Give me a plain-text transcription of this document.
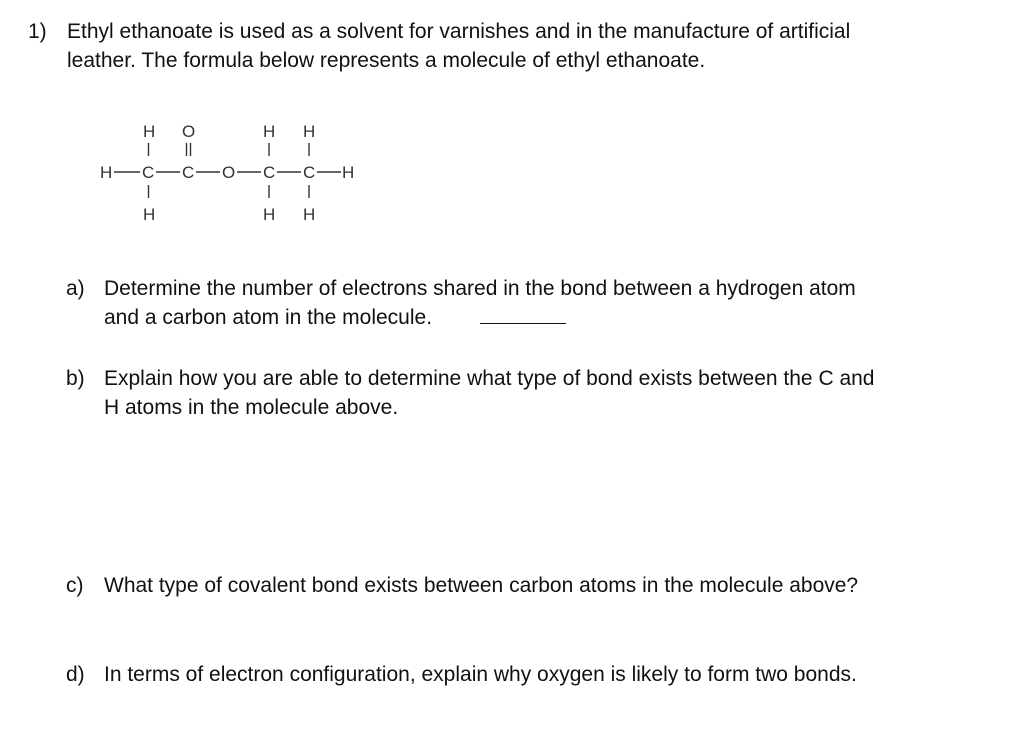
1) Ethyl ethanoate is used as a solvent for varnishes and in the manufacture of artificial
leather. The formula below represents a molecule of ethyl ethanoate.
H C C O C C H
H O	H H
H	H H
a) Determine the number of electrons shared in the bond between a hydrogen atom
and a carbon atom in the molecule.
b) Explain how you are able to determine what type of bond exists between the C and
H atoms in the molecule above.
c) What type of covalent bond exists between carbon atoms in the molecule above?
d) In terms of electron configuration, explain why oxygen is likely to form two bonds.
